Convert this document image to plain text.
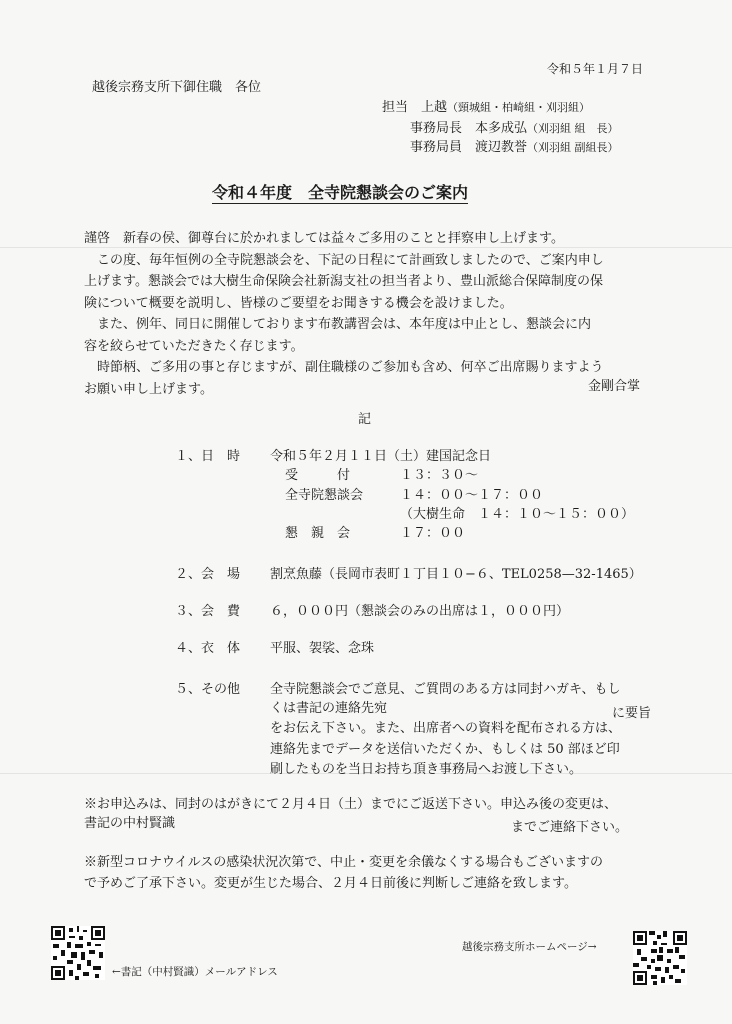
令和５年１月７日
越後宗務支所下御住職　各位
担当　上越（頸城組・柏崎組・刈羽組）
事務局長　本多成弘（刈羽組 組　長）
事務局員　渡辺教誉（刈羽組 副組長）
令和４年度　全寺院懇談会のご案内

謹啓　新春の侯、御尊台に於かれましては益々ご多用のことと拝察申し上げます。

　この度、毎年恒例の全寺院懇談会を、下記の日程にて計画致しましたので、ご案内申し

上げます。懇談会では大樹生命保険会社新潟支社の担当者より、豊山派総合保障制度の保

険について概要を説明し、皆様のご要望をお聞きする機会を設けました。

　また、例年、同日に開催しております布教講習会は、本年度は中止とし、懇談会に内

容を絞らせていただきたく存じます。

　時節柄、ご多用の事と存じますが、副住職様のご参加も含め、何卒ご出席賜りますよう

お願い申し上げます。	金剛合掌
記
１、日　時 令和５年２月１１日（土）建国記念日
受　　　付	１３：３０～
全寺院懇談会	１４：００～１７：００
（大樹生命　１４：１０～１５：００）
懇　親　会	１７：００
２、会　場 割烹魚藤（長岡市表町１丁目１０−６、TEL0258—32-1465）
３、会　費 ６，０００円（懇談会のみの出席は１，０００円）
４、衣　体 平服、袈裟、念珠
５、その他 全寺院懇談会でご意見、ご質問のある方は同封ハガキ、もし
くは書記の連絡先宛	に要旨
をお伝え下さい。また、出席者への資料を配布される方は、
連絡先までデータを送信いただくか、もしくは 50 部ほど印
刷したものを当日お持ち頂き事務局へお渡し下さい。
※お申込みは、同封のはがきにて２月４日（土）までにご返送下さい。申込み後の変更は、
書記の中村賢識	までご連絡下さい。
※新型コロナウイルスの感染状況次第で、中止・変更を余儀なくする場合もございますの
で予めご了承下さい。変更が生じた場合、２月４日前後に判断しご連絡を致します。
←書記（中村賢識）メールアドレス
越後宗務支所ホームページ→
